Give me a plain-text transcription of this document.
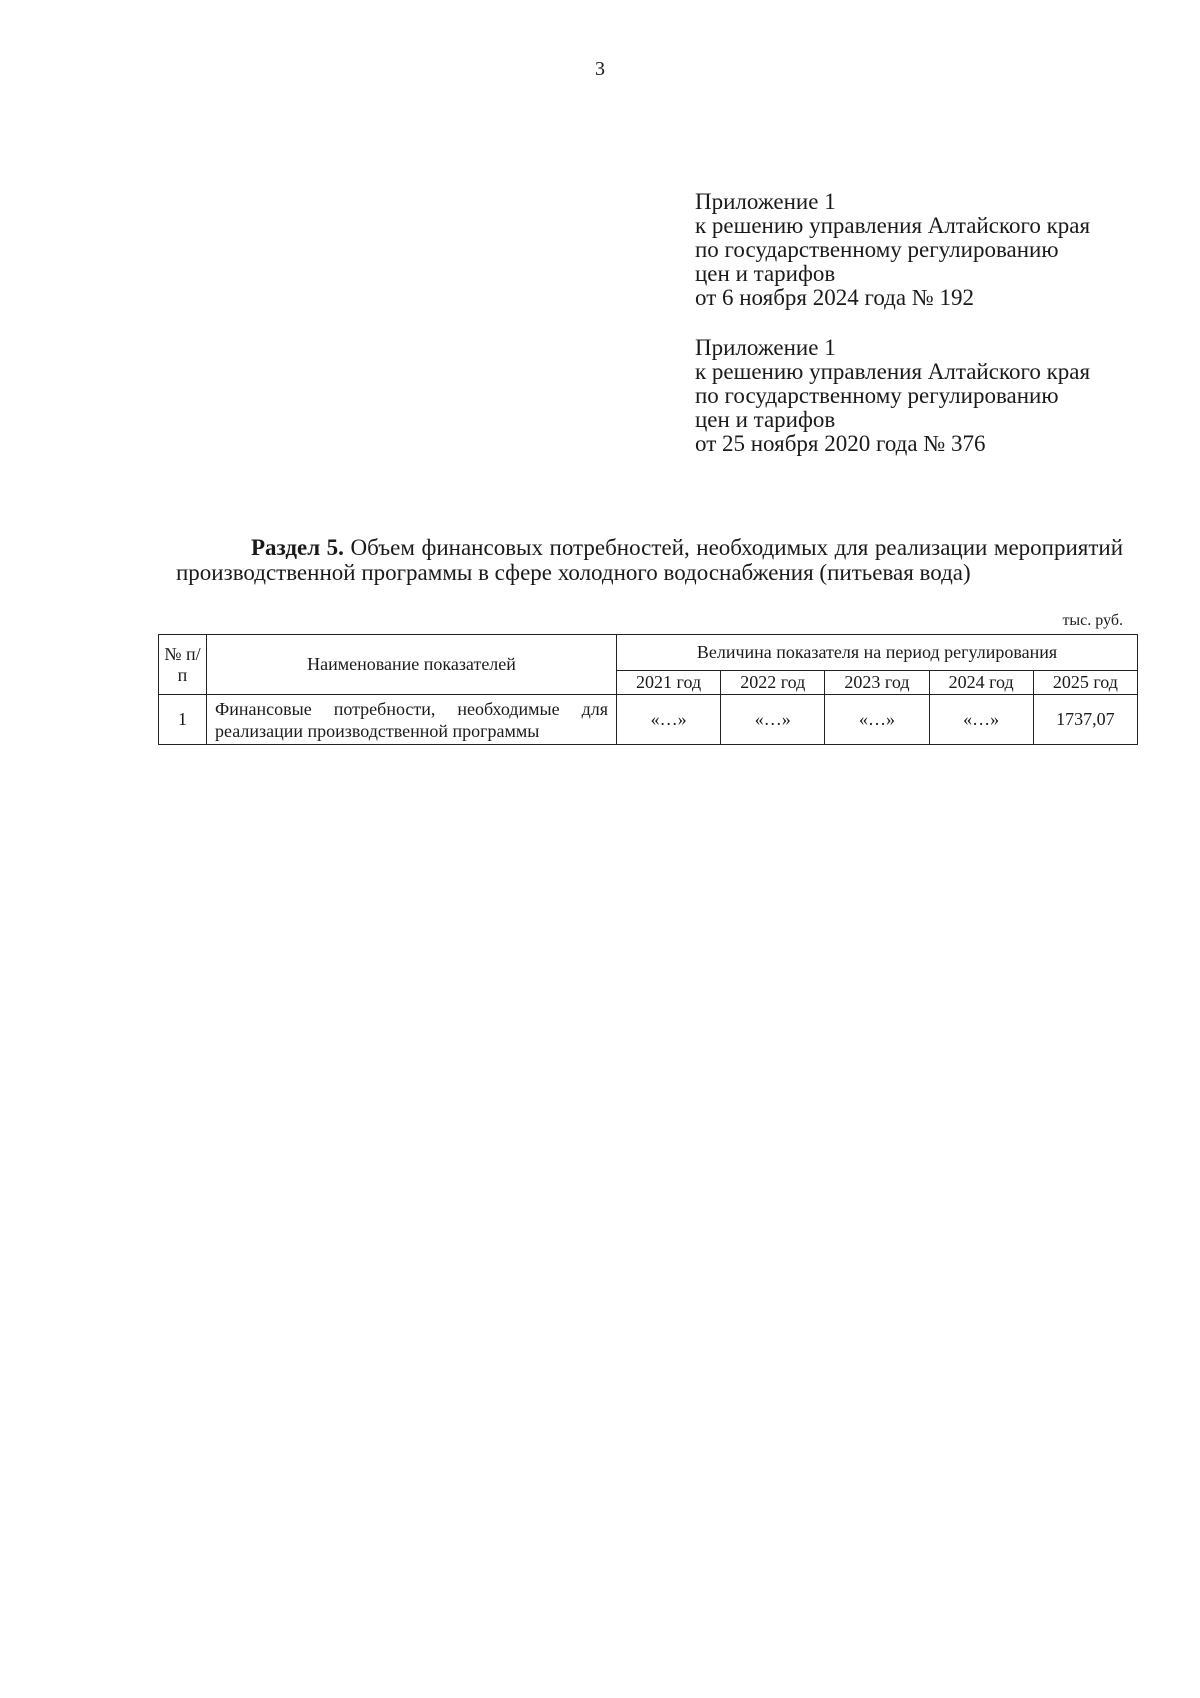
3
Приложение 1
к решению управления Алтайского края
по государственному регулированию
цен и тарифов
от 6 ноября 2024 года № 192
Приложение 1
к решению управления Алтайского края
по государственному регулированию
цен и тарифов
от 25 ноября 2020 года № 376
Раздел 5. Объем финансовых потребностей, необходимых для реализации мероприятий производственной программы в сфере холодного водоснабжения (питьевая вода)
тыс. руб.
№ п/п	Наименование показателей	Величина показателя на период регулирования				
		2021 год	2022 год	2023 год	2024 год	2025 год
1	Финансовые потребности, необходимые для реализации производственной программы	«…»	«…»	«…»	«…»	1737,07
